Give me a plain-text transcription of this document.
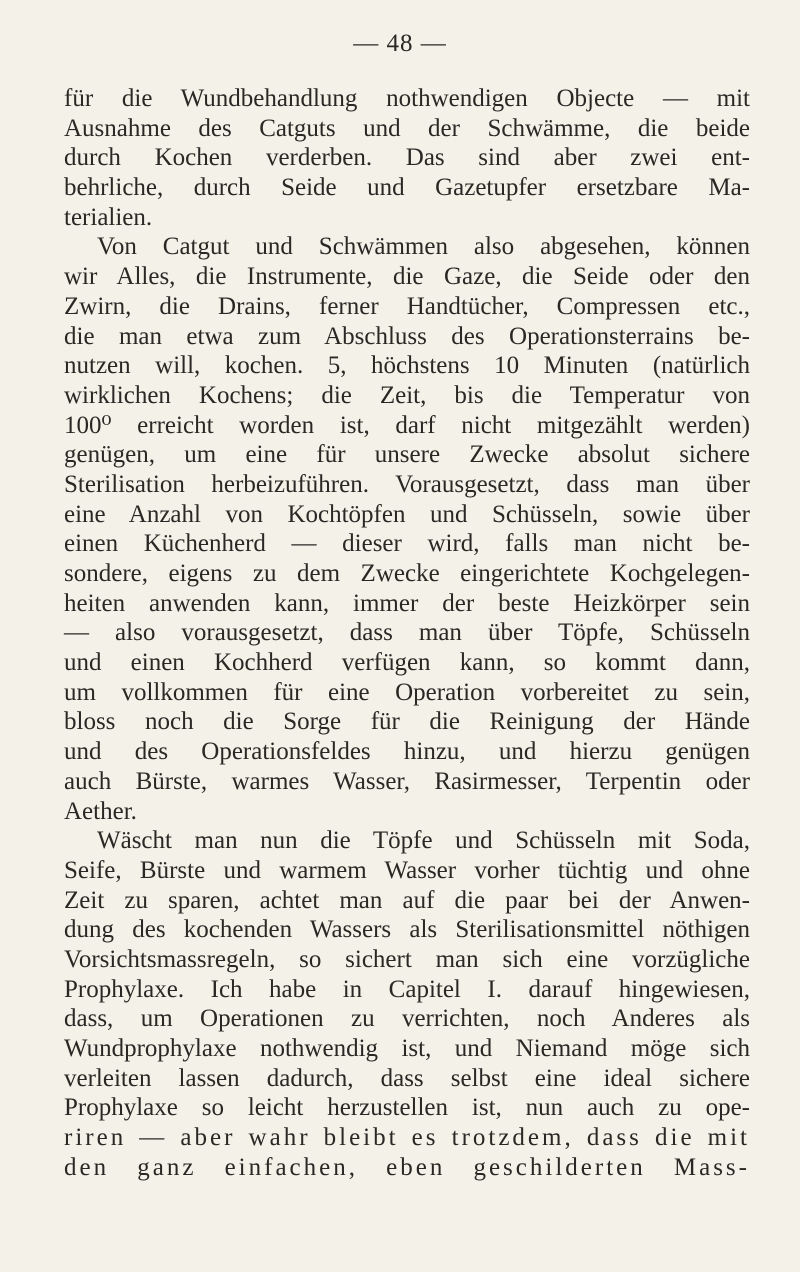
— 48 —
für die Wundbehandlung nothwendigen Objecte — mit
Ausnahme des Catguts und der Schwämme, die beide
durch Kochen verderben. Das sind aber zwei ent-
behrliche, durch Seide und Gazetupfer ersetzbare Ma-
terialien.
Von Catgut und Schwämmen also abgesehen, können
wir Alles, die Instrumente, die Gaze, die Seide oder den
Zwirn, die Drains, ferner Handtücher, Compressen etc.,
die man etwa zum Abschluss des Operationsterrains be-
nutzen will, kochen. 5, höchstens 10 Minuten (natürlich
wirklichen Kochens; die Zeit, bis die Temperatur von
100⁰ erreicht worden ist, darf nicht mitgezählt werden)
genügen, um eine für unsere Zwecke absolut sichere
Sterilisation herbeizuführen. Vorausgesetzt, dass man über
eine Anzahl von Kochtöpfen und Schüsseln, sowie über
einen Küchenherd — dieser wird, falls man nicht be-
sondere, eigens zu dem Zwecke eingerichtete Kochgelegen-
heiten anwenden kann, immer der beste Heizkörper sein
— also vorausgesetzt, dass man über Töpfe, Schüsseln
und einen Kochherd verfügen kann, so kommt dann,
um vollkommen für eine Operation vorbereitet zu sein,
bloss noch die Sorge für die Reinigung der Hände
und des Operationsfeldes hinzu, und hierzu genügen
auch Bürste, warmes Wasser, Rasirmesser, Terpentin oder
Aether.
Wäscht man nun die Töpfe und Schüsseln mit Soda,
Seife, Bürste und warmem Wasser vorher tüchtig und ohne
Zeit zu sparen, achtet man auf die paar bei der Anwen-
dung des kochenden Wassers als Sterilisationsmittel nöthigen
Vorsichtsmassregeln, so sichert man sich eine vorzügliche
Prophylaxe. Ich habe in Capitel I. darauf hingewiesen,
dass, um Operationen zu verrichten, noch Anderes als
Wundprophylaxe nothwendig ist, und Niemand möge sich
verleiten lassen dadurch, dass selbst eine ideal sichere
Prophylaxe so leicht herzustellen ist, nun auch zu ope-
riren — aber wahr bleibt es trotzdem, dass die mit
den ganz einfachen, eben geschilderten Mass-
